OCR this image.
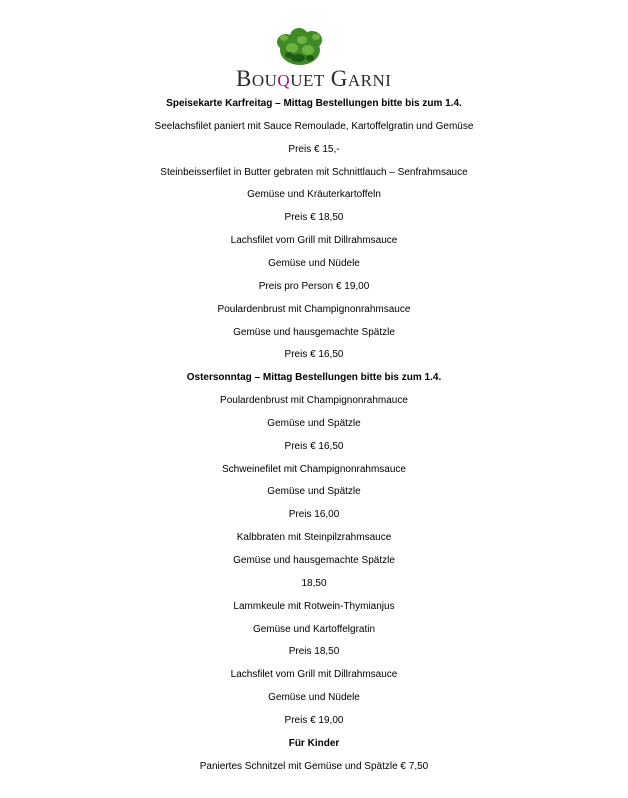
BOUQUET GARNI
Speisekarte Karfreitag – Mittag Bestellungen bitte bis zum 1.4.
Seelachsfilet paniert mit Sauce Remoulade, Kartoffelgratin und Gemüse
Preis € 15,-
Steinbeisserfilet in Butter gebraten mit Schnittlauch – Senfrahmsauce
Gemüse und Kräuterkartoffeln
Preis € 18,50
Lachsfilet vom Grill mit Dillrahmsauce
Gemüse und Nüdele
Preis pro Person € 19,00
Poulardenbrust mit Champignonrahmsauce
Gemüse und hausgemachte Spätzle
Preis € 16,50
Ostersonntag – Mittag Bestellungen bitte bis zum 1.4.
Poulardenbrust mit Champignonrahmauce
Gemüse und Spätzle
Preis € 16,50
Schweinefilet mit Champignonrahmsauce
Gemüse und Spätzle
Preis 16,00
Kalbbraten mit Steinpilzrahmsauce
Gemüse und hausgemachte Spätzle
18,50
Lammkeule mit Rotwein-Thymianjus
Gemüse und Kartoffelgratin
Preis 18,50
Lachsfilet vom Grill mit Dillrahmsauce
Gemüse und Nüdele
Preis € 19,00
Für Kinder
Paniertes Schnitzel mit Gemüse und Spätzle € 7,50
